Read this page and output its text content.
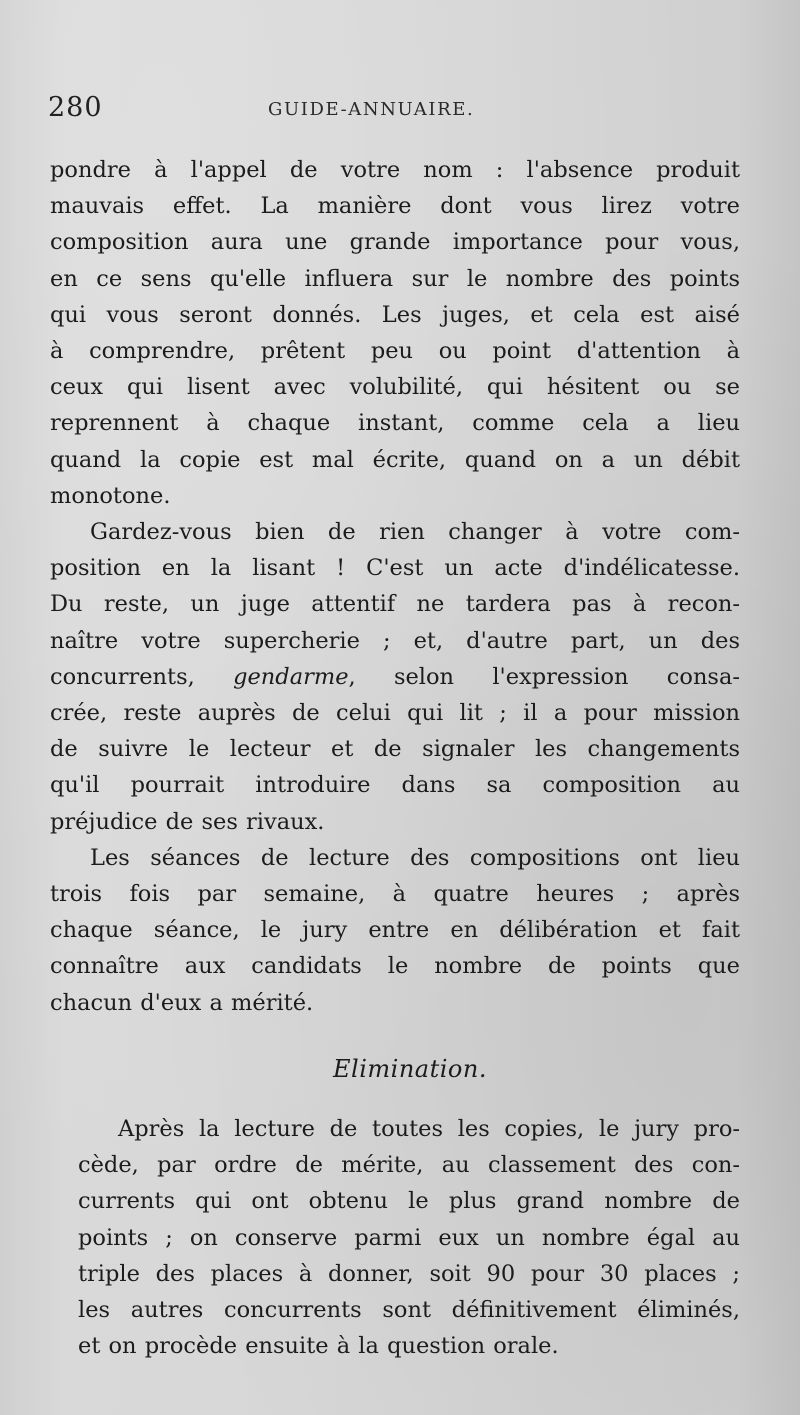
280	GUIDE-ANNUAIRE.
pondre à l'appel de votre nom : l'absence produit
mauvais effet. La manière dont vous lirez votre
composition aura une grande importance pour vous,
en ce sens qu'elle influera sur le nombre des points
qui vous seront donnés. Les juges, et cela est aisé
à comprendre, prêtent peu ou point d'attention à
ceux qui lisent avec volubilité, qui hésitent ou se
reprennent à chaque instant, comme cela a lieu
quand la copie est mal écrite, quand on a un débit
monotone.
Gardez-vous bien de rien changer à votre com-
position en la lisant ! C'est un acte d'indélicatesse.
Du reste, un juge attentif ne tardera pas à recon-
naître votre supercherie ; et, d'autre part, un des
concurrents, gendarme, selon l'expression consa-
crée, reste auprès de celui qui lit ; il a pour mission
de suivre le lecteur et de signaler les changements
qu'il pourrait introduire dans sa composition au
préjudice de ses rivaux.
Les séances de lecture des compositions ont lieu
trois fois par semaine, à quatre heures ; après
chaque séance, le jury entre en délibération et fait
connaître aux candidats le nombre de points que
chacun d'eux a mérité.
Elimination.
Après la lecture de toutes les copies, le jury pro-
cède, par ordre de mérite, au classement des con-
currents qui ont obtenu le plus grand nombre de
points ; on conserve parmi eux un nombre égal au
triple des places à donner, soit 90 pour 30 places ;
les autres concurrents sont définitivement éliminés,
et on procède ensuite à la question orale.
